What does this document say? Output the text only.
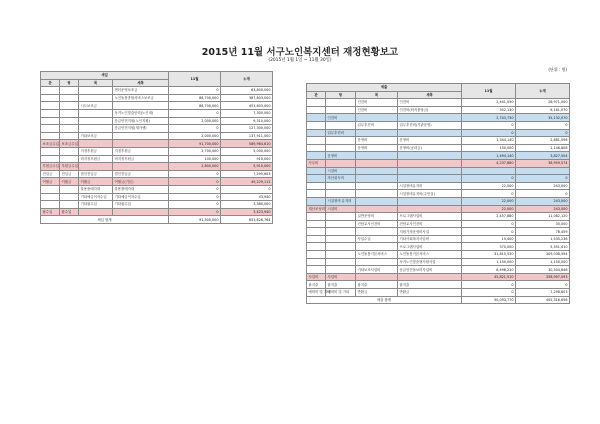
2015년 11월 서구노인복지센터 재정현황보고
(2015년 1월 1일 ~ 11월 30일)
(단위 : 원)
세입				11월	누계
관	항	목	세목		
			센터운영보조금	0	63,800,000
			노인돌봄종합서비스보조금	88,700,000	387,803,000
		시도보조금		88,700,000	451,603,000
			독거노인맞춤인력(노인대)	0	7,300,000
			응급안전지원(노인지원)	2,000,000	9,310,000
			응급안전지원(재가센)	0	127,300,000
		기타보조금		2,000,000	137,911,000
보조금수입	보조금수입			91,700,000	589,964,610
		지정후원금	지정후원금	2,700,000	5,000,000
		비지정후원금	비지정후원금	100,000	910,000
후원금수입	후원금수입			2,800,000	5,910,000
전입금	전입금	법인전입금	법인전입금	0	7,295,603
이월금	이월금	이월금	이월금(기본)	0	49,229,112
		불용품매각대	불용품매각대	0	0
		기타예금이자수입	기타예금이자수입	0	43,940
		기타잡수입	기타잡수입	0	3,380,000
잡수입	잡수입			0	3,423,940
세입 합계				91,500,000	653,626,764
세출				11월	누계
관	항	목	세목		
		인건비	인건비	2,441,550	28,971,000
		인건비	인건비(퇴직충당금)	302,130	6,161,070
	인건비			2,743,730	35,132,070
		업무추진비	업무추진비(기관운영)	0	0
	업무추진비			0	0
		운영비	운영비	1,344,140	2,681,096
		운영비	운영비(공과금)	150,000	1,146,808
	운영비			1,494,140	3,827,504
사무비				4,237,880	38,959,574
	시설비				
	자산취득비			0	0
			시설장비유지비	22,000	243,000
			시설장비유지비(주민실)	0	0
	시설장비 유지비			22,000	243,000
재산조성비	시설비			22,000	243,000
		일반운영비	프로그램사업비	2,457,880	11,082,120
		전담교사인건비	전담교사인건비	0	35,000
			지원가정운영비사업	0	76,459
		사업수입	기타사회복지사업비	15,400	1,535,238
			프로그램사업비	370,000	5,551,410
		노인돌봄기본서비스	노인돌봄기본서비스	31,815,530	309,038,594
			독거노인맞춤형지원사업	1,150,000	1,150,000
		기타보조사업비	응급안전돌보미사업비	8,498,210	30,504,848
사업비	사업비			45,821,510	358,997,093
잡지출	잡지출	잡지출	잡지출	0	0
예비비 및 기타	예비비 및 기타	반환금	반환금	0	7,298,603
세출 합계				50,093,770	405,316,656
